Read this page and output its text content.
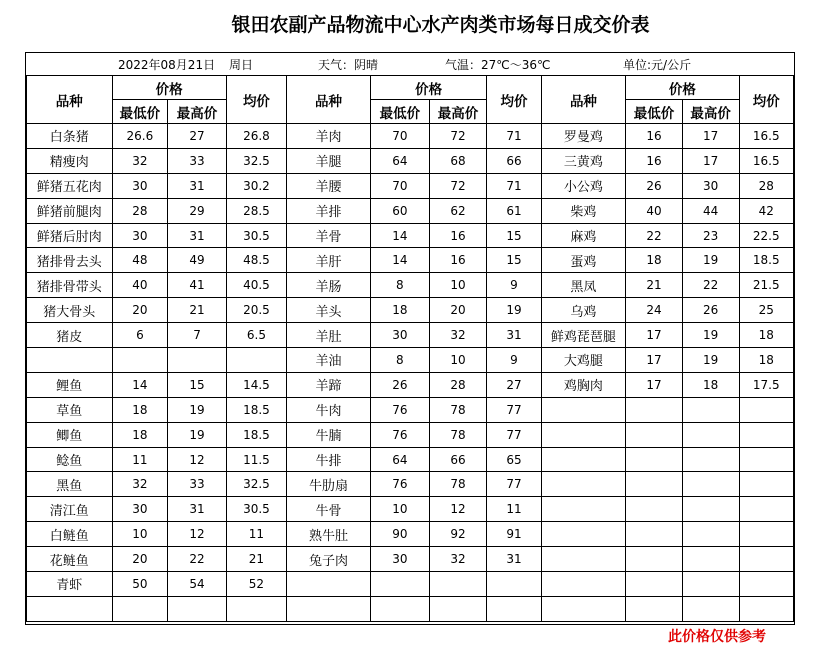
银田农副产品物流中心水产肉类市场每日成交价表
2022年08月21日 周日	天气：阴晴	气温：27℃～36℃	单位:元/公斤
品种	价格		均价	品种	价格		均价	品种	价格		均价
	最低价	最高价			最低价	最高价			最低价	最高价	
白条猪	26.6	27	26.8	羊肉	70	72	71	罗曼鸡	16	17	16.5
精瘦肉	32	33	32.5	羊腿	64	68	66	三黄鸡	16	17	16.5
鲜猪五花肉	30	31	30.2	羊腰	70	72	71	小公鸡	26	30	28
鲜猪前腿肉	28	29	28.5	羊排	60	62	61	柴鸡	40	44	42
鲜猪后肘肉	30	31	30.5	羊骨	14	16	15	麻鸡	22	23	22.5
猪排骨去头	48	49	48.5	羊肝	14	16	15	蛋鸡	18	19	18.5
猪排骨带头	40	41	40.5	羊肠	8	10	9	黑凤	21	22	21.5
猪大骨头	20	21	20.5	羊头	18	20	19	乌鸡	24	26	25
猪皮	6	7	6.5	羊肚	30	32	31	鲜鸡琵琶腿	17	19	18
				羊油	8	10	9	大鸡腿	17	19	18
鲤鱼	14	15	14.5	羊蹄	26	28	27	鸡胸肉	17	18	17.5
草鱼	18	19	18.5	牛肉	76	78	77				
鲫鱼	18	19	18.5	牛腩	76	78	77				
鲶鱼	11	12	11.5	牛排	64	66	65				
黑鱼	32	33	32.5	牛肋扇	76	78	77				
清江鱼	30	31	30.5	牛骨	10	12	11				
白鲢鱼	10	12	11	熟牛肚	90	92	91				
花鲢鱼	20	22	21	兔子肉	30	32	31				
青虾	50	54	52								

此价格仅供参考
